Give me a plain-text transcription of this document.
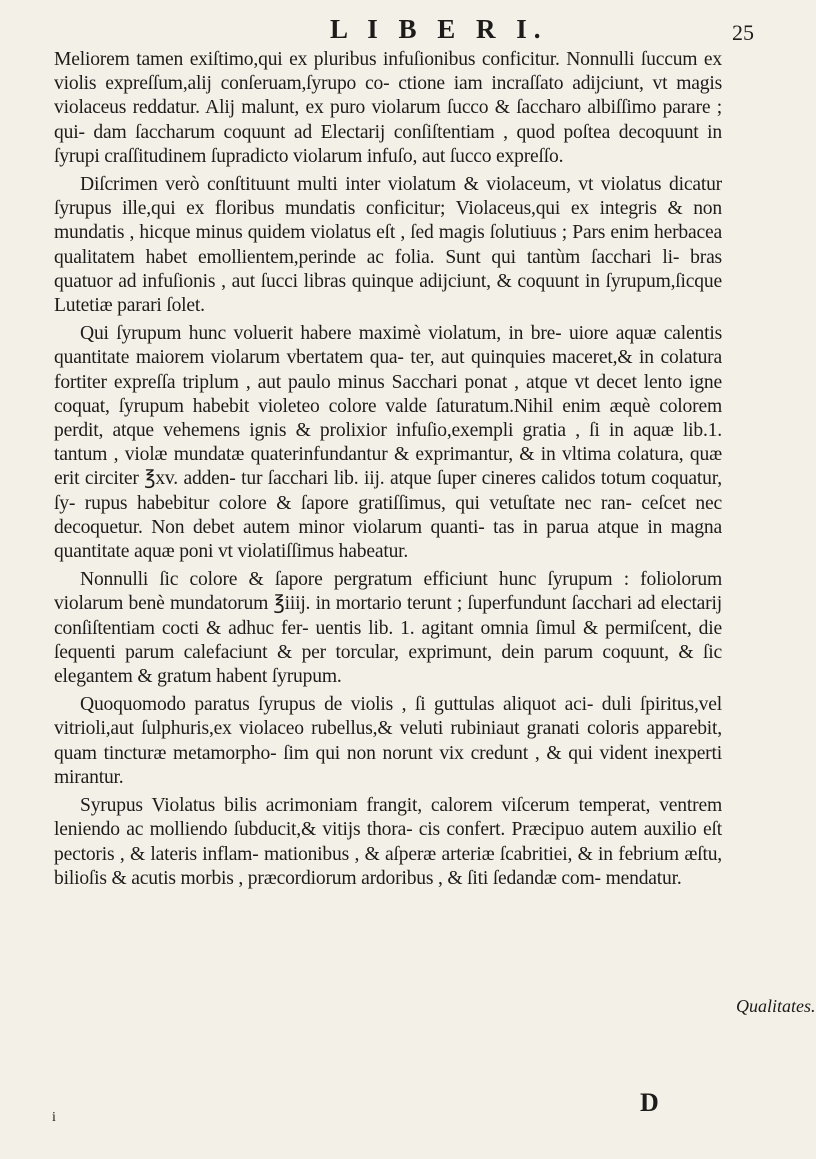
L I B E R I.	25

Meliorem tamen exiſtimo,qui ex pluribus infuſionibus conficitur. Nonnulli ſuccum ex violis expreſſum,alij conſeruam,ſyrupo co‑ ctione iam incraſſato adijciunt, vt magis violaceus reddatur. Alij malunt, ex puro violarum ſucco & ſaccharo albiſſimo parare ; qui‑ dam ſaccharum coquunt ad Electarij conſiſtentiam , quod poſtea decoquunt in ſyrupi craſſitudinem ſupradicto violarum infuſo, aut ſucco expreſſo.

Diſcrimen verò conſtituunt multi inter violatum & violaceum, vt violatus dicatur ſyrupus ille,qui ex floribus mundatis conficitur; Violaceus,qui ex integris & non mundatis , hicque minus quidem violatus eſt , ſed magis ſolutiuus ; Pars enim herbacea qualitatem habet emollientem,perinde ac folia. Sunt qui tantùm ſacchari li‑ bras quatuor ad infuſionis , aut ſucci libras quinque adijciunt, & coquunt in ſyrupum,ſicque Lutetiæ parari ſolet.

Qui ſyrupum hunc voluerit habere maximè violatum, in bre‑ uiore aquæ calentis quantitate maiorem violarum vbertatem qua‑ ter, aut quinquies maceret,& in colatura fortiter expreſſa triplum , aut paulo minus Sacchari ponat , atque vt decet lento igne coquat, ſyrupum habebit violeteo colore valde ſaturatum.Nihil enim æquè colorem perdit, atque vehemens ignis & prolixior infuſio,exempli gratia , ſi in aquæ lib.1. tantum , violæ mundatæ quaterinfundantur & exprimantur, & in vltima colatura, quæ erit circiter ℥xv. adden‑ tur ſacchari lib. iij. atque ſuper cineres calidos totum coquatur, ſy‑ rupus habebitur colore & ſapore gratiſſimus, qui vetuſtate nec ran‑ ceſcet nec decoquetur. Non debet autem minor violarum quanti‑ tas in parua atque in magna quantitate aquæ poni vt violatiſſimus habeatur.

Nonnulli ſic colore & ſapore pergratum efficiunt hunc ſyrupum : foliolorum violarum benè mundatorum ℥iiij. in mortario terunt ; ſuperfundunt ſacchari ad electarij conſiſtentiam cocti & adhuc fer‑ uentis lib. 1. agitant omnia ſimul & permiſcent, die ſequenti parum calefaciunt & per torcular, exprimunt, dein parum coquunt, & ſic elegantem & gratum habent ſyrupum.

Quoquomodo paratus ſyrupus de violis , ſi guttulas aliquot aci‑ duli ſpiritus,vel vitrioli,aut ſulphuris,ex violaceo rubellus,& veluti rubiniaut granati coloris apparebit, quam tincturæ metamorpho‑ ſim qui non norunt vix credunt , & qui vident inexperti mirantur.

Syrupus Violatus bilis acrimoniam frangit, calorem viſcerum temperat, ventrem leniendo ac molliendo ſubducit,& vitijs thora‑ cis confert. Præcipuo autem auxilio eſt pectoris , & lateris inflam‑ mationibus , & aſperæ arteriæ ſcabritiei, & in febrium æſtu, bilioſis & acutis morbis , præcordiorum ardoribus , & ſiti ſedandæ com‑ mendatur.

Qualitates.
D
i
